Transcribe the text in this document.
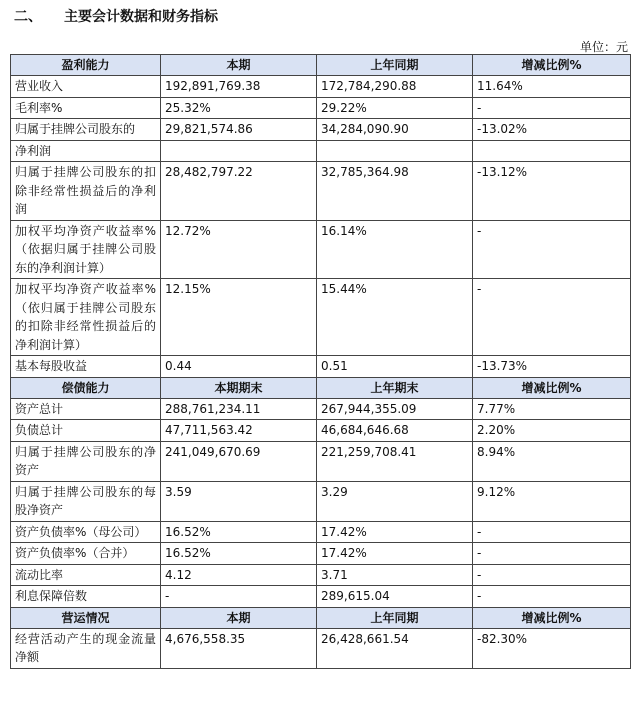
二、 主要会计数据和财务指标
单位：元
盈利能力	本期	上年同期	增减比例%
营业收入	192,891,769.38	172,784,290.88	11.64%
毛利率%	25.32%	29.22%	-
归属于挂牌公司股东的	29,821,574.86	34,284,090.90	-13.02%
净利润			
归属于挂牌公司股东的扣除非经常性损益后的净利润	28,482,797.22	32,785,364.98	-13.12%
加权平均净资产收益率%（依据归属于挂牌公司股东的净利润计算）	12.72%	16.14%	-
加权平均净资产收益率%（依归属于挂牌公司股东的扣除非经常性损益后的净利润计算）	12.15%	15.44%	-
基本每股收益	0.44	0.51	-13.73%
偿债能力	本期期末	上年期末	增减比例%
资产总计	288,761,234.11	267,944,355.09	7.77%
负债总计	47,711,563.42	46,684,646.68	2.20%
归属于挂牌公司股东的净资产	241,049,670.69	221,259,708.41	8.94%
归属于挂牌公司股东的每股净资产	3.59	3.29	9.12%
资产负债率%（母公司）	16.52%	17.42%	-
资产负债率%（合并）	16.52%	17.42%	-
流动比率	4.12	3.71	-
利息保障倍数	-	289,615.04	-
营运情况	本期	上年同期	增减比例%
经营活动产生的现金流量净额	4,676,558.35	26,428,661.54	-82.30%
